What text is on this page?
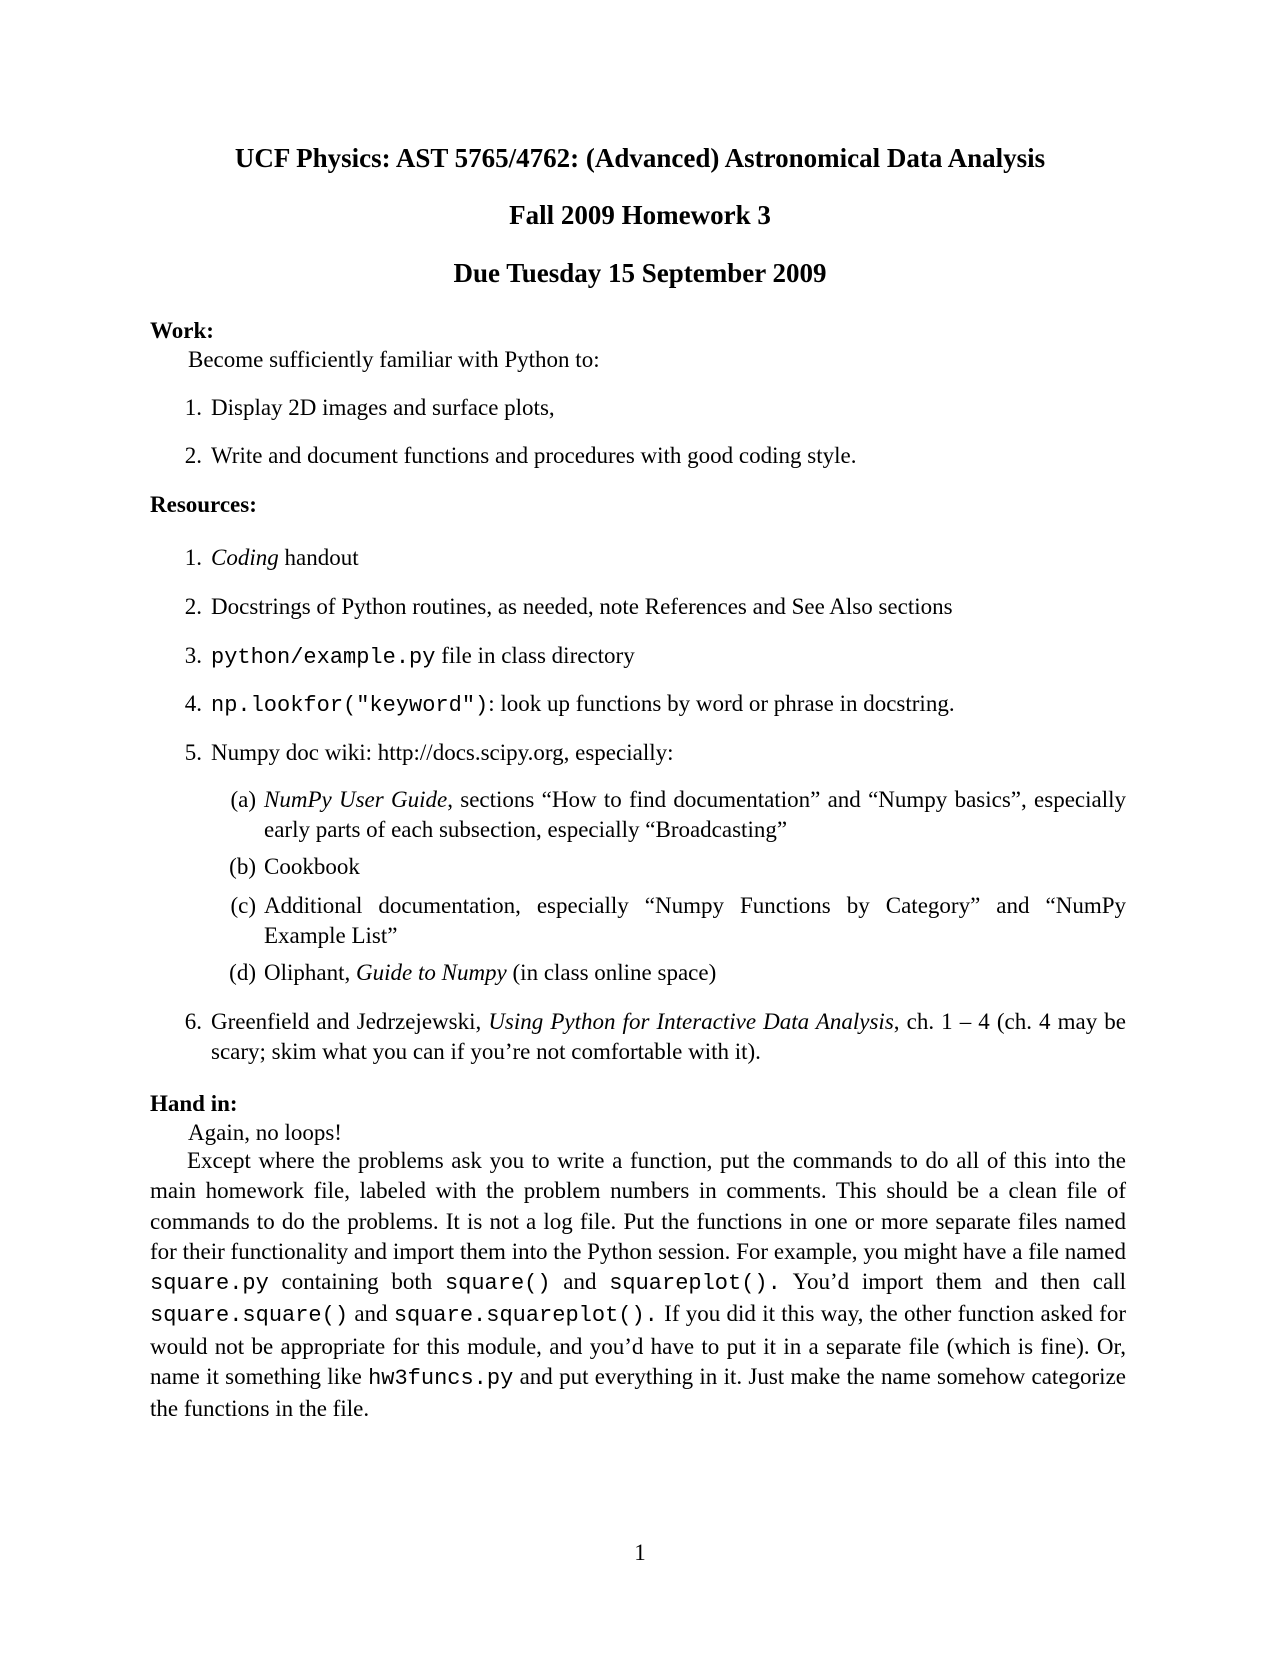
UCF Physics: AST 5765/4762: (Advanced) Astronomical Data Analysis
Fall 2009 Homework 3
Due Tuesday 15 September 2009
Work:
Become sufficiently familiar with Python to:
1. Display 2D images and surface plots,
2. Write and document functions and procedures with good coding style.
Resources:
1. Coding handout
2. Docstrings of Python routines, as needed, note References and See Also sections
3. python/example.py file in class directory
4. np.lookfor("keyword"): look up functions by word or phrase in docstring.
5. Numpy doc wiki: http://docs.scipy.org, especially:
(a) NumPy User Guide, sections “How to find documentation” and “Numpy basics”, especially early parts of each subsection, especially “Broadcasting”
(b) Cookbook
(c) Additional documentation, especially “Numpy Functions by Category” and “NumPy Example List”
(d) Oliphant, Guide to Numpy (in class online space)
6. Greenfield and Jedrzejewski, Using Python for Interactive Data Analysis, ch. 1 – 4 (ch. 4 may be scary; skim what you can if you’re not comfortable with it).
Hand in:
Again, no loops!
Except where the problems ask you to write a function, put the commands to do all of this into the main homework file, labeled with the problem numbers in comments. This should be a clean file of commands to do the problems. It is not a log file. Put the functions in one or more separate files named for their functionality and import them into the Python session. For example, you might have a file named square.py containing both square() and squareplot(). You’d import them and then call square.square() and square.squareplot(). If you did it this way, the other function asked for would not be appropriate for this module, and you’d have to put it in a separate file (which is fine). Or, name it something like hw3funcs.py and put everything in it. Just make the name somehow categorize the functions in the file.
1
